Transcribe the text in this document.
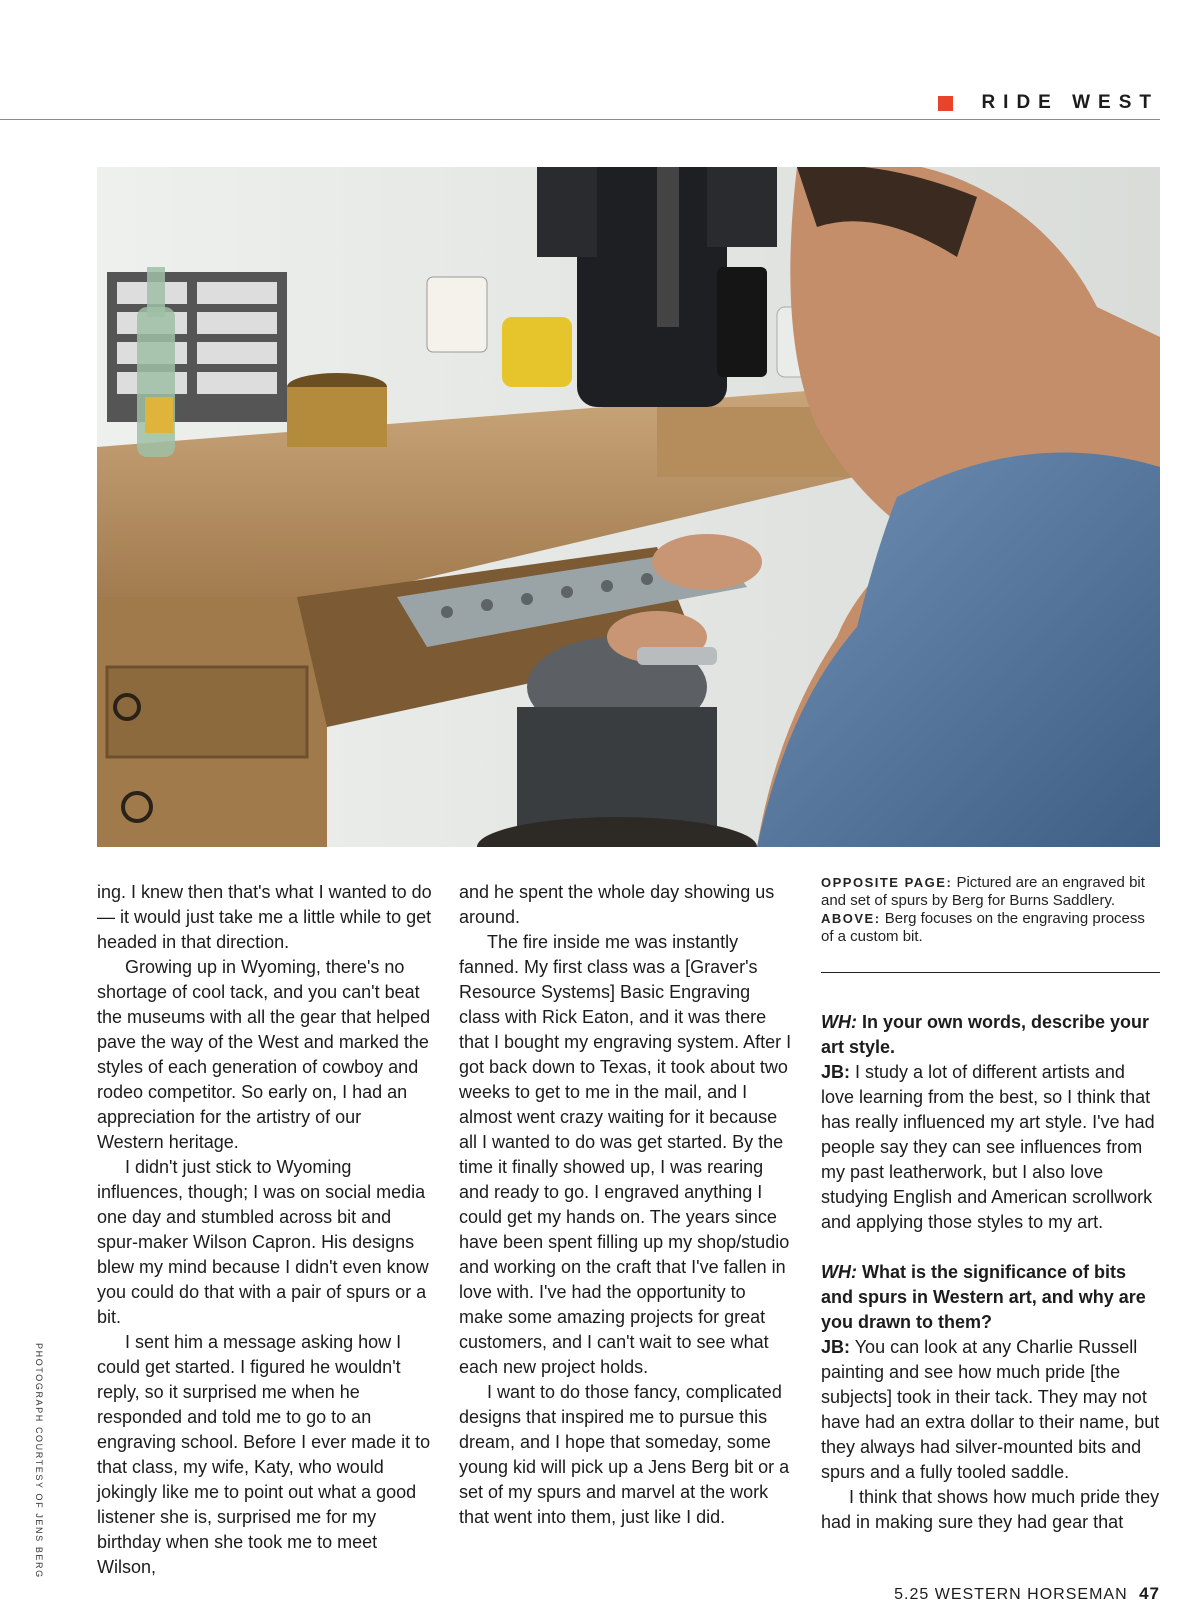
RIDE WEST
PHOTOGRAPH COURTESY OF JENS BERG

ing. I knew then that's what I wanted to do — it would just take me a little while to get headed in that direction.

Growing up in Wyoming, there's no shortage of cool tack, and you can't beat the museums with all the gear that helped pave the way of the West and marked the styles of each generation of cowboy and rodeo competitor. So early on, I had an appreciation for the artistry of our Western heritage.

I didn't just stick to Wyoming influences, though; I was on social media one day and stumbled across bit and spur-maker Wilson Capron. His designs blew my mind because I didn't even know you could do that with a pair of spurs or a bit.

I sent him a message asking how I could get started. I figured he wouldn't reply, so it surprised me when he responded and told me to go to an engraving school. Before I ever made it to that class, my wife, Katy, who would jokingly like me to point out what a good listener she is, surprised me for my birthday when she took me to meet Wilson,

and he spent the whole day showing us around.

The fire inside me was instantly fanned. My first class was a [Graver's Resource Systems] Basic Engraving class with Rick Eaton, and it was there that I bought my engraving system. After I got back down to Texas, it took about two weeks to get to me in the mail, and I almost went crazy waiting for it because all I wanted to do was get started. By the time it finally showed up, I was rearing and ready to go. I engraved anything I could get my hands on. The years since have been spent filling up my shop/studio and working on the craft that I've fallen in love with. I've had the opportunity to make some amazing projects for great customers, and I can't wait to see what each new project holds.

I want to do those fancy, complicated designs that inspired me to pursue this dream, and I hope that someday, some young kid will pick up a Jens Berg bit or a set of my spurs and marvel at the work that went into them, just like I did.

OPPOSITE PAGE: Pictured are an engraved bit and set of spurs by Berg for Burns Saddlery.
ABOVE: Berg focuses on the engraving process of a custom bit.

WH: In your own words, describe your art style.

JB: I study a lot of different artists and love learning from the best, so I think that has really influenced my art style. I've had people say they can see influences from my past leatherwork, but I also love studying English and American scrollwork and applying those styles to my art.

WH: What is the significance of bits and spurs in Western art, and why are you drawn to them?

JB: You can look at any Charlie Russell painting and see how much pride [the subjects] took in their tack. They may not have had an extra dollar to their name, but they always had silver-mounted bits and spurs and a fully tooled saddle.

I think that shows how much pride they had in making sure they had gear that

5.25 WESTERN HORSEMAN 47
